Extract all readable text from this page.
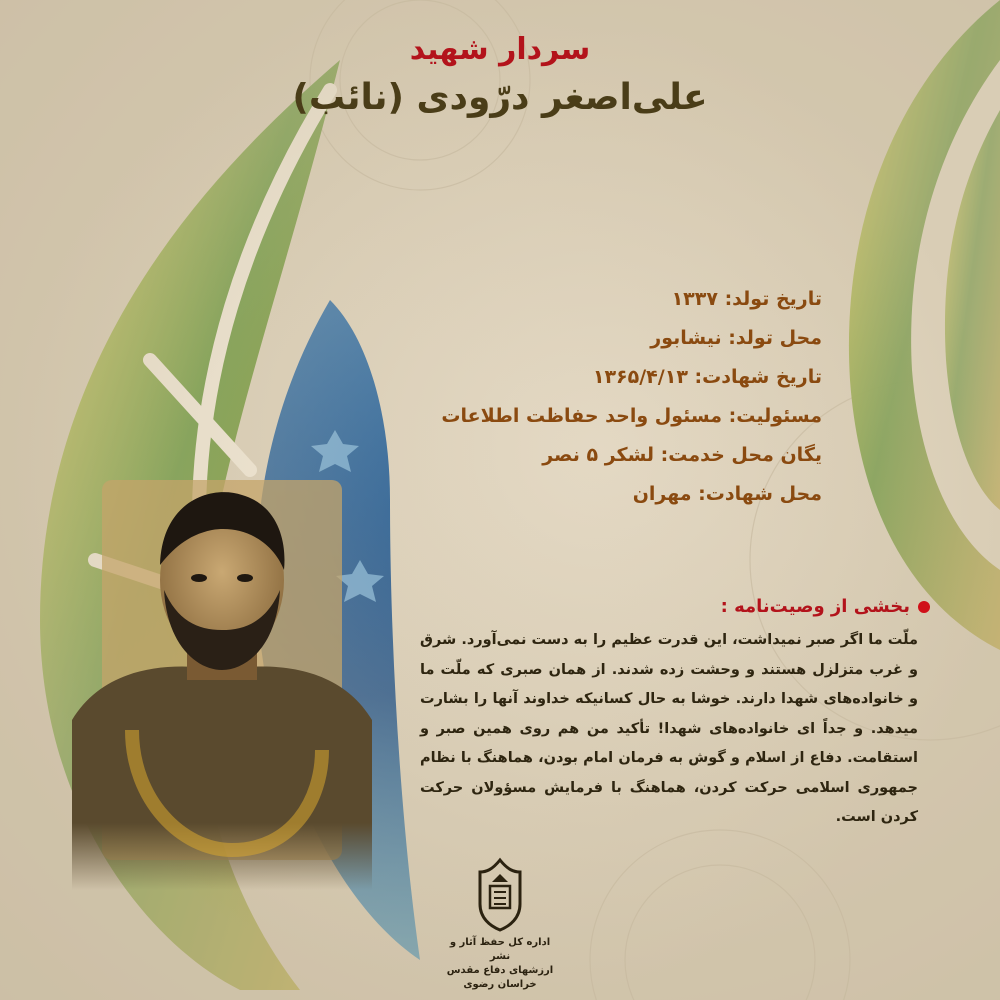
سردار شهید

علی‌اصغر درّودی (نائب)

تاریخ تولد: ۱۳۳۷
محل تولد: نیشابور
تاریخ شهادت: ۱۳۶۵/۴/۱۳
مسئولیت: مسئول واحد حفاظت اطلاعات
یگان محل خدمت: لشکر ۵ نصر
محل شهادت: مهران
بخشی از وصیت‌نامه :
ملّت ما اگر صبر نمیداشت، این قدرت عظیم را به دست نمی‌آورد. شرق و غرب متزلزل هستند و وحشت زده شدند. از همان صبری که ملّت ما و خانواده‌های شهدا دارند. خوشا به حال کسانیکه خداوند آنها را بشارت میدهد. و جداً ای خانواده‌های شهدا! تأکید من هم روی همین صبر و استقامت. دفاع از اسلام و گوش به فرمان امام بودن، هماهنگ با نظام جمهوری اسلامی حرکت کردن، هماهنگ با فرمایش مسؤولان حرکت کردن است.
اداره کل حفظ آثار و نشر
ارزشهای دفاع مقدس
خراسان رضوی
